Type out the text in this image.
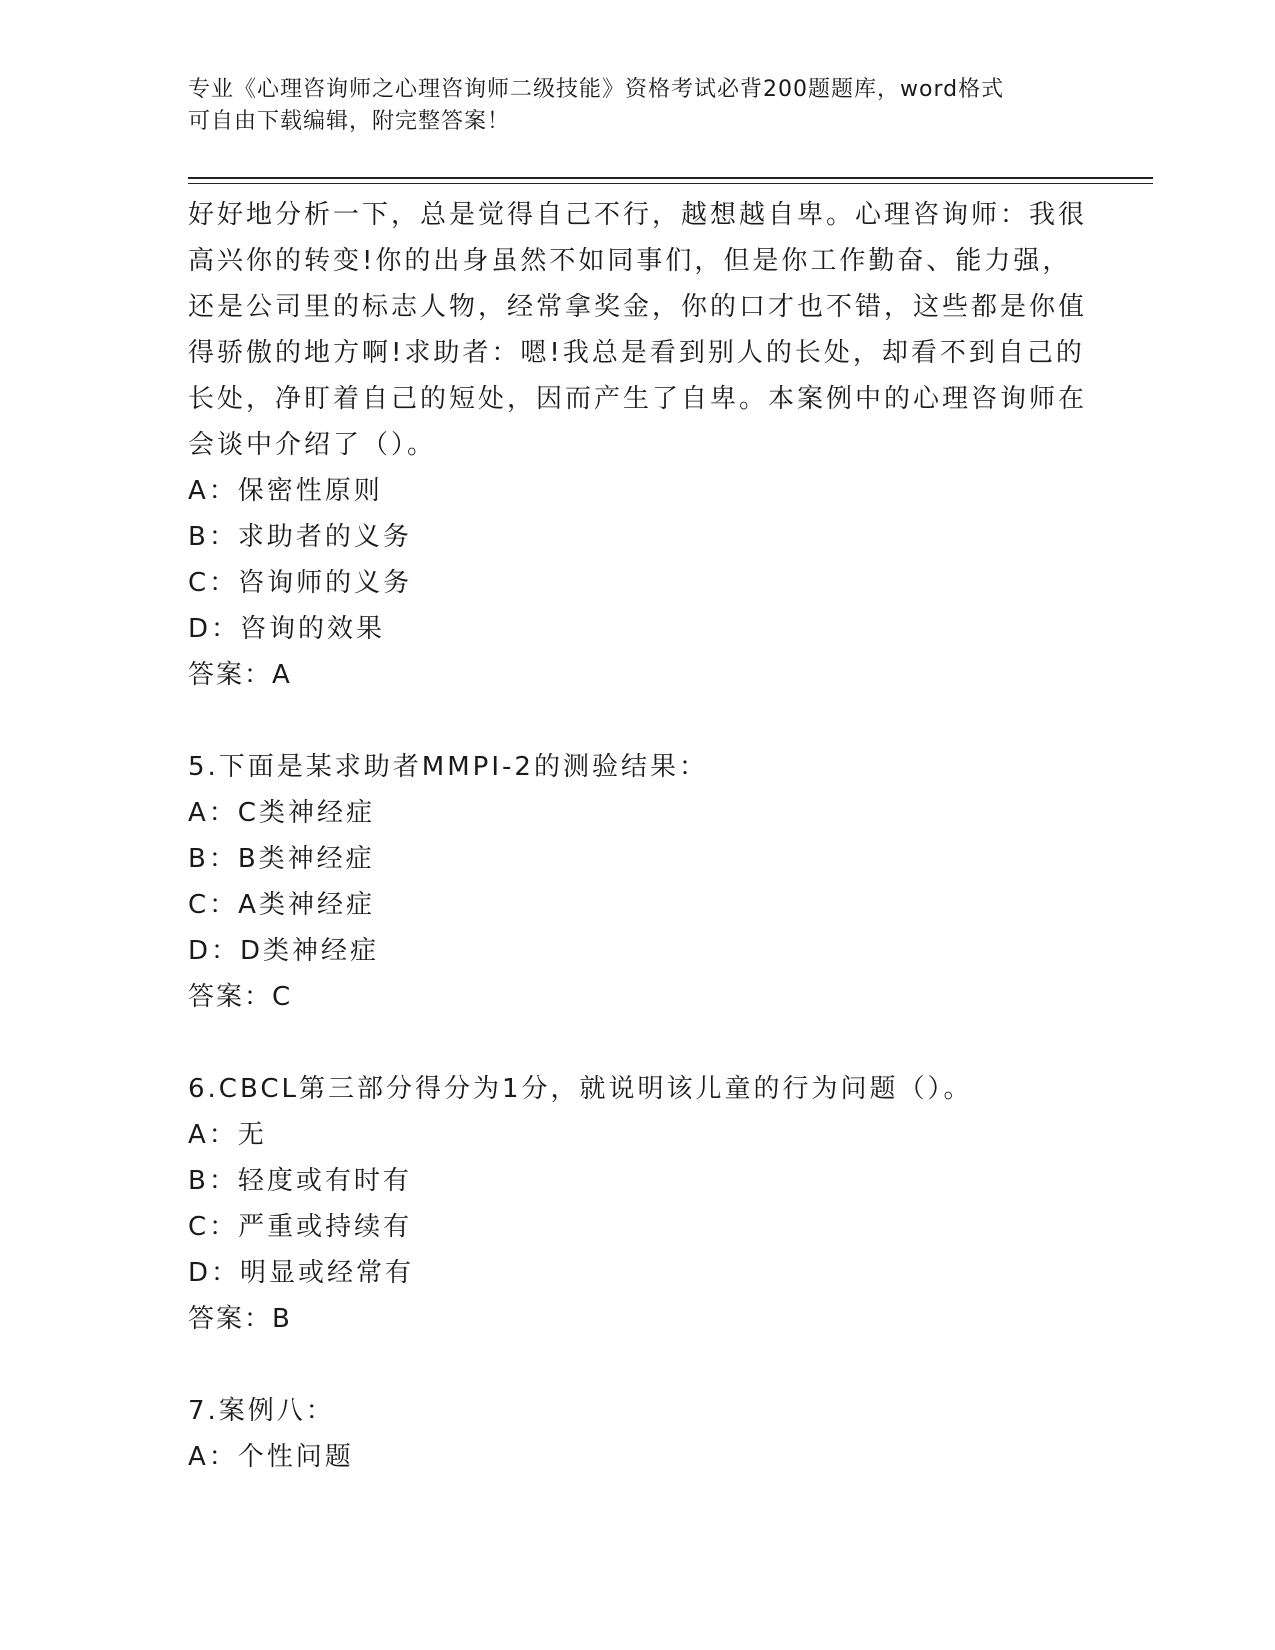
专业《心理咨询师之心理咨询师二级技能》资格考试必背200题题库，word格式
可自由下载编辑，附完整答案！

好好地分析一下，总是觉得自己不行，越想越自卑。心理咨询师：我很高兴你的转变!你的出身虽然不如同事们，但是你工作勤奋、能力强，还是公司里的标志人物，经常拿奖金，你的口才也不错，这些都是你值得骄傲的地方啊!求助者：嗯!我总是看到别人的长处，却看不到自己的长处，净盯着自己的短处，因而产生了自卑。本案例中的心理咨询师在会谈中介绍了（）。

A：保密性原则
B：求助者的义务
C：咨询师的义务
D：咨询的效果
答案：A
5.下面是某求助者MMPI-2的测验结果：
A：C类神经症
B：B类神经症
C：A类神经症
D：D类神经症
答案：C
6.CBCL第三部分得分为1分，就说明该儿童的行为问题（）。
A：无
B：轻度或有时有
C：严重或持续有
D：明显或经常有
答案：B
7.案例八：
A：个性问题
